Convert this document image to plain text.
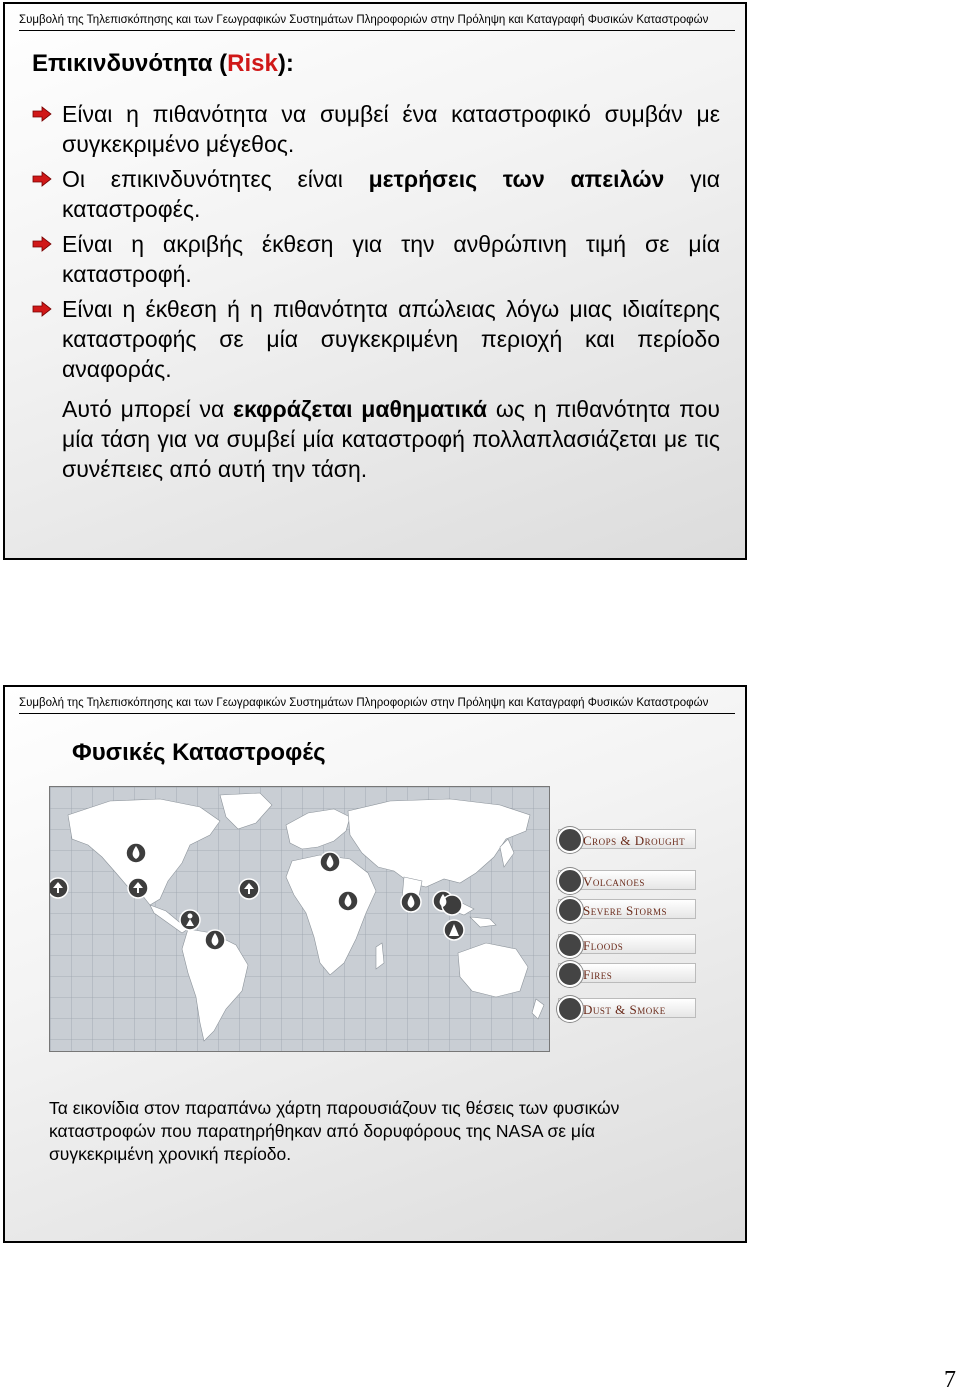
Συμβολή της Τηλεπισκόπησης και των Γεωγραφικών Συστημάτων Πληροφοριών στην Πρόληψη και Καταγραφή Φυσικών Καταστροφών
Επικινδυνότητα (Risk):
Είναι η πιθανότητα να συμβεί ένα καταστροφικό συμβάν με συγκεκριμένο μέγεθος.
Οι επικινδυνότητες είναι μετρήσεις των απειλών για καταστροφές.
Είναι η ακριβής έκθεση για την ανθρώπινη τιμή σε μία καταστροφή.
Είναι η έκθεση ή η πιθανότητα απώλειας λόγω μιας ιδιαίτερης καταστροφής σε μία συγκεκριμένη περιοχή και περίοδο αναφοράς.
Αυτό μπορεί να εκφράζεται μαθηματικά ως η πιθανότητα που μία τάση για να συμβεί μία καταστροφή πολλαπλασιάζεται με τις συνέπειες από αυτή την τάση.
Συμβολή της Τηλεπισκόπησης και των Γεωγραφικών Συστημάτων Πληροφοριών στην Πρόληψη και Καταγραφή Φυσικών Καταστροφών
Φυσικές Καταστροφές
Crops & Drought
Volcanoes
Severe Storms
Floods
Fires
Dust & Smoke
Τα εικονίδια στον παραπάνω χάρτη παρουσιάζουν τις θέσεις των φυσικών καταστροφών που παρατηρήθηκαν από δορυφόρους της NASA σε μία συγκεκριμένη χρονική περίοδο.
7
